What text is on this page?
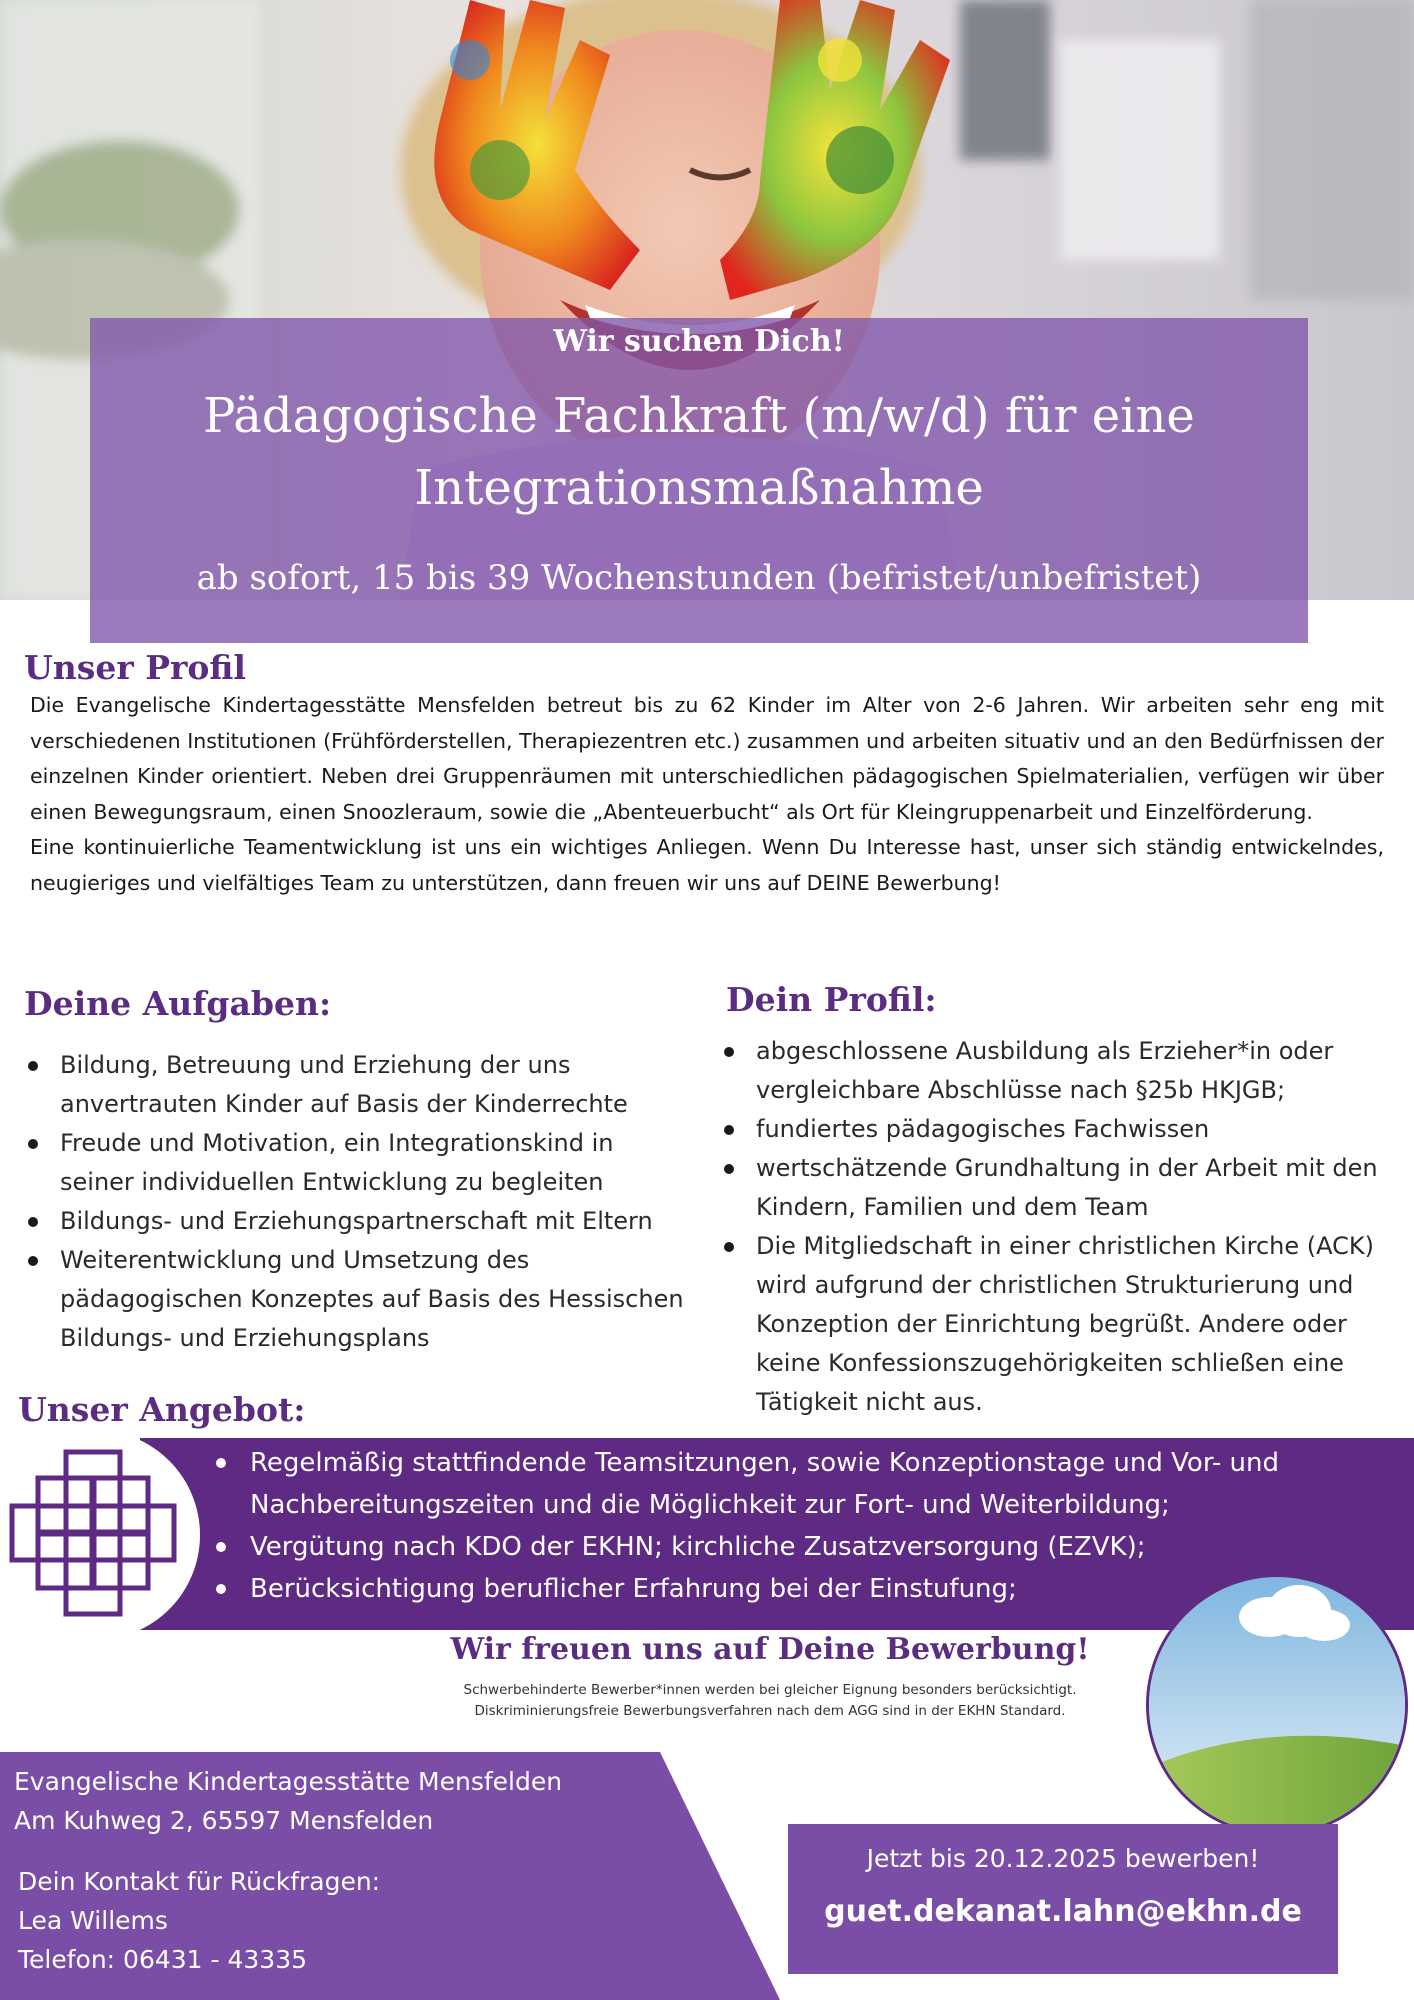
Wir suchen Dich!
Pädagogische Fachkraft (m/w/d) für eine
Integrationsmaßnahme
ab sofort, 15 bis 39 Wochenstunden (befristet/unbefristet)
Unser Profil

Die Evangelische Kindertagesstätte Mensfelden betreut bis zu 62 Kinder im Alter von 2-6 Jahren. Wir arbeiten sehr eng mit verschiedenen Institutionen (Frühförderstellen, Therapiezentren etc.) zusammen und arbeiten situativ und an den Bedürfnissen der einzelnen Kinder orientiert. Neben drei Gruppenräumen mit unterschiedlichen pädagogischen Spielmaterialien, verfügen wir über einen Bewegungsraum, einen Snoozleraum, sowie die „Abenteuerbucht“ als Ort für Kleingruppenarbeit und Einzelförderung.

Eine kontinuierliche Teamentwicklung ist uns ein wichtiges Anliegen. Wenn Du Interesse hast, unser sich ständig entwickelndes, neugieriges und vielfältiges Team zu unterstützen, dann freuen wir uns auf DEINE Bewerbung!

Deine Aufgaben:
Bildung, Betreuung und Erziehung der uns anvertrauten Kinder auf Basis der Kinderrechte
Freude und Motivation, ein Integrationskind in seiner individuellen Entwicklung zu begleiten
Bildungs- und Erziehungspartnerschaft mit Eltern
Weiterentwicklung und Umsetzung des pädagogischen Konzeptes auf Basis des Hessischen Bildungs- und Erziehungsplans
Dein Profil:
abgeschlossene Ausbildung als Erzieher*in oder vergleichbare Abschlüsse nach §25b HKJGB;
fundiertes pädagogisches Fachwissen
wertschätzende Grundhaltung in der Arbeit mit den Kindern, Familien und dem Team
Die Mitgliedschaft in einer christlichen Kirche (ACK) wird aufgrund der christlichen Strukturierung und Konzeption der Einrichtung begrüßt. Andere oder keine Konfessionszugehörigkeiten schließen eine Tätigkeit nicht aus.
Unser Angebot:
Regelmäßig stattfindende Teamsitzungen, sowie Konzeptionstage und Vor- und Nachbereitungszeiten und die Möglichkeit zur Fort- und Weiterbildung;
Vergütung nach KDO der EKHN; kirchliche Zusatzversorgung (EZVK);
Berücksichtigung beruflicher Erfahrung bei der Einstufung;
Wir freuen uns auf Deine Bewerbung!
Schwerbehinderte Bewerber*innen werden bei gleicher Eignung besonders berücksichtigt.
Diskriminierungsfreie Bewerbungsverfahren nach dem AGG sind in der EKHN Standard.
Evangelische Kindertagesstätte Mensfelden
Am Kuhweg 2, 65597 Mensfelden
Dein Kontakt für Rückfragen:
Lea Willems
Telefon: 06431 - 43335
Jetzt bis 20.12.2025 bewerben!
guet.dekanat.lahn@ekhn.de
